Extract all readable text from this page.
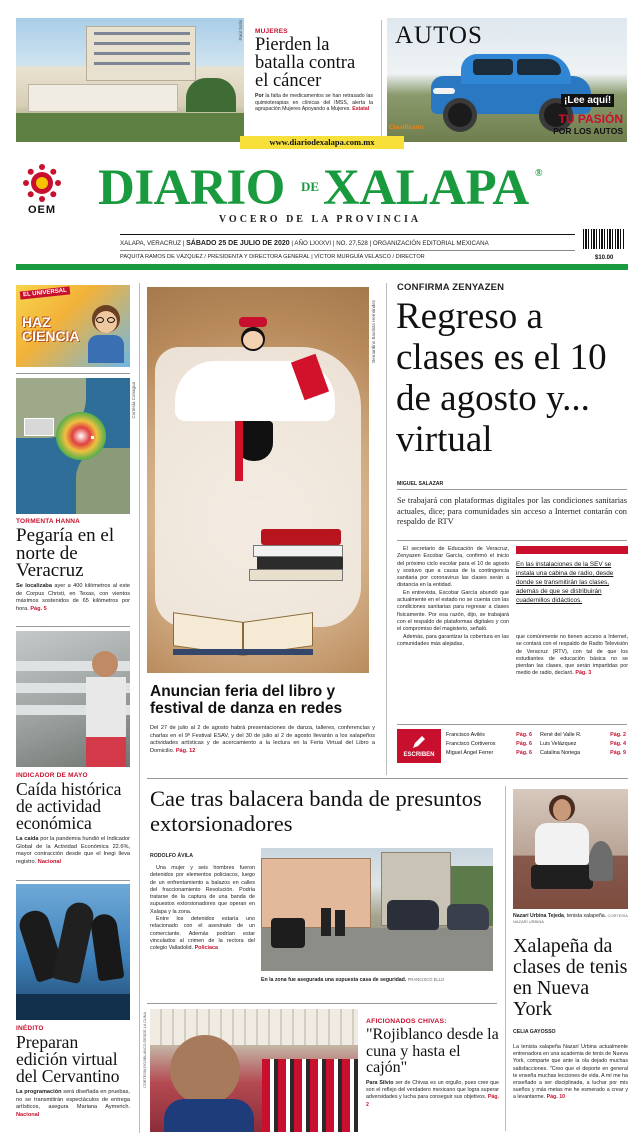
Raúl Solís MUJERES
Pierden la batalla contra el cáncer
Por la falta de medicamentos se han retrasado las quimioterapias en clínicas del IMSS, alerta la agrupación Mujeres Apoyando a Mujeres. Estatal
AUTOS
¡Lee aquí!
TU PASIÓN
POR LOS AUTOS
Clasificado
www.diariodexalapa.com.mx
OEM DIARIO DE XALAPA ®
VOCERO DE LA PROVINCIA
XALAPA, VERACRUZ | SÁBADO 25 DE JULIO DE 2020 | AÑO LXXXVI | NO. 27,528 | ORGANIZACIÓN EDITORIAL MEXICANA
PAQUITA RAMOS DE VÁZQUEZ / PRESIDENTA Y DIRECTORA GENERAL | VÍCTOR MURGUÍA VELASCO / DIRECTOR	$10.00
EL UNIVERSAL
HAZ CIENCIA
Cortesía Conagua
TORMENTA HANNA
Pegaría en el norte de Veracruz
Se localizaba ayer a 400 kilómetros al este de Corpus Christi, en Texas, con vientos máximos sostenidos de 65 kilómetros por hora. Pág. 5
INDICADOR DE MAYO
Caída histórica de actividad económica
La caída por la pandemia hundió el Indicador Global de la Actividad Económica 22.6%, mayor contracción desde que el Inegi lleva registro. Nacional
INÉDITO
Preparan edición virtual del Cervantino
La programación será diseñada en pruebas, no se transmitirán espectáculos de entrega artísticos, asegura Mariana Aymerich. Nacional
Bernardino Bautista Hernández
Anuncian feria del libro y festival de danza en redes
Del 27 de julio al 2 de agosto habrá presentaciones de danza, talleres, conferencias y charlas en el 9º Festival ESAV, y del 30 de julio al 2 de agosto llevarán a los xalapeños actividades artísticas y de acercamiento a la lectura en la Feria Virtual del Libro a Domicilio. Pág. 12
CONFIRMA ZENYAZEN
Regreso a clases es el 10 de agosto y... virtual
MIGUEL SALAZAR
Se trabajará con plataformas digitales por las condiciones sanitarias actuales, dice; para comunidades sin acceso a Internet contarán con respaldo de RTV

El secretario de Educación de Veracruz, Zenyazen Escobar García, confirmó el inicio del próximo ciclo escolar para el 10 de agosto y sostuvo que a causa de la contingencia sanitaria por coronavirus las clases serán a distancia en la entidad.

En entrevista, Escobar García abundó que actualmente en el estado no se cuenta con las condiciones sanitarias para regresar a clases físicamente. Por esa razón, dijo, se trabajará con el respaldo de plataformas digitales y con el compromiso del magisterio, señaló.

Además, para garantizar la cobertura en las comunidades más alejadas,

En las instalaciones de la SEV se instala una cabina de radio, desde donde se transmitirán las clases, además de que se distribuirán cuadernillos didácticos.
que comúnmente no tienen acceso a Internet, se contará con el respaldo de Radio Televisión de Veracruz (RTV), con tal de que los estudiantes de educación básica no se pierdan las clases, que serán impartidas por medio de radio, declaró. Pág. 3
ESCRIBEN
Francisco Avilés	Pág. 6
Francisco Cortiveros	Pág. 6
Miguel Ángel Ferrer	Pág. 6
René del Valle R.	Pág. 2
Luis Velázquez	Pág. 4
Catalina Noriega	Pág. 9
Cae tras balacera banda de presuntos extorsionadores
RODOLFO ÁVILA

Una mujer y seis hombres fueron detenidos por elementos policiacos, luego de un enfrentamiento a balazos en calles del fraccionamiento Revolución. Podría tratarse de la captura de una banda de supuestos extorsionadores que operan en Xalapa y la zona.

Entre los detenidos estaría uno relacionado con el asesinato de un comerciante. Además podrían estar vinculados al crimen de la rectora del colegio Valladolid. Policiaca

En la zona fue asegurada una supuesta casa de seguridad. FRANCISCO ELLO
Nazarí Urbina Tejeda, tenista xalapeña. CORTESÍA NAZARÍ URBINA
Xalapeña da clases de tenis en Nueva York
CELIA GAYOSSO
La tenista xalapeña Nazarí Urbina actualmente entrenadora en una academia de tenis de Nueva York, comparte que ante la ola dejado muchas satisfacciones. "Creo que el deporte en general te enseña muchas lecciones de vida. A mí me ha enseñado a ser disciplinada, a luchar por mis sueños y más metas me he esmerado a crear y a levantarme. Pág. 10
CORTESÍA ROJIBLANCO DESDE LA CUNA	AFICIONADOS CHIVAS:
"Rojiblanco desde la cuna y hasta el cajón"
Para Silvio ser de Chivas es un orgullo, pues cree que son el reflejo del verdadero mexicano que logra superar adversidades y lucha para conseguir sus objetivos. Pág. 2
